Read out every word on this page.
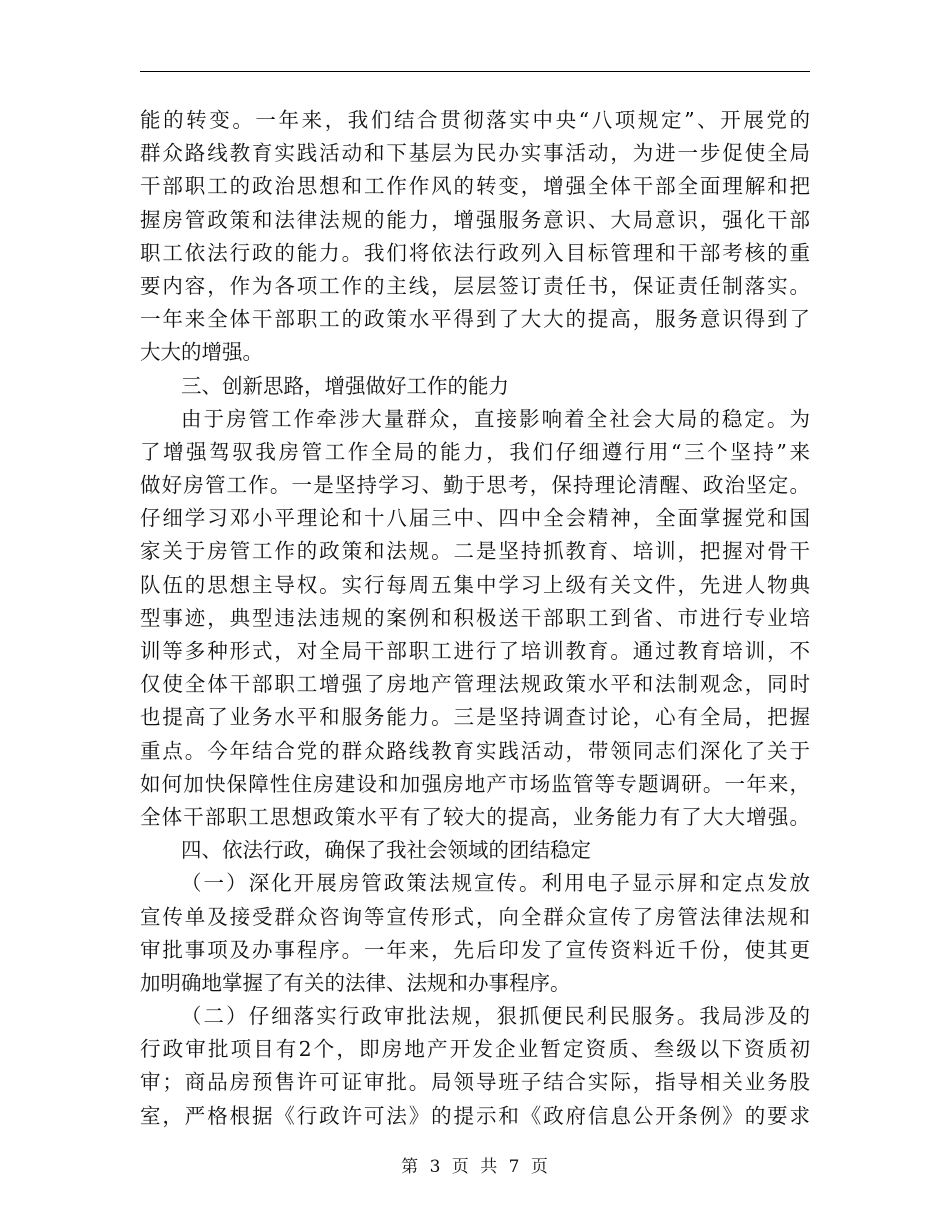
能的转变。一年来，我们结合贯彻落实中央“八项规定”、开展党的
群众路线教育实践活动和下基层为民办实事活动，为进一步促使全局
干部职工的政治思想和工作作风的转变，增强全体干部全面理解和把
握房管政策和法律法规的能力，增强服务意识、大局意识，强化干部
职工依法行政的能力。我们将依法行政列入目标管理和干部考核的重
要内容，作为各项工作的主线，层层签订责任书，保证责任制落实。
一年来全体干部职工的政策水平得到了大大的提高，服务意识得到了
大大的增强。
三、创新思路，增强做好工作的能力
由于房管工作牵涉大量群众，直接影响着全社会大局的稳定。为
了增强驾驭我房管工作全局的能力，我们仔细遵行用“三个坚持”来
做好房管工作。一是坚持学习、勤于思考，保持理论清醒、政治坚定。
仔细学习邓小平理论和十八届三中、四中全会精神，全面掌握党和国
家关于房管工作的政策和法规。二是坚持抓教育、培训，把握对骨干
队伍的思想主导权。实行每周五集中学习上级有关文件，先进人物典
型事迹，典型违法违规的案例和积极送干部职工到省、市进行专业培
训等多种形式，对全局干部职工进行了培训教育。通过教育培训，不
仅使全体干部职工增强了房地产管理法规政策水平和法制观念，同时
也提高了业务水平和服务能力。三是坚持调查讨论，心有全局，把握
重点。今年结合党的群众路线教育实践活动，带领同志们深化了关于
如何加快保障性住房建设和加强房地产市场监管等专题调研。一年来，
全体干部职工思想政策水平有了较大的提高，业务能力有了大大增强。
四、依法行政，确保了我社会领域的团结稳定
（一）深化开展房管政策法规宣传。利用电子显示屏和定点发放
宣传单及接受群众咨询等宣传形式，向全群众宣传了房管法律法规和
审批事项及办事程序。一年来，先后印发了宣传资料近千份，使其更
加明确地掌握了有关的法律、法规和办事程序。
（二）仔细落实行政审批法规，狠抓便民利民服务。我局涉及的
行政审批项目有2个，即房地产开发企业暂定资质、叁级以下资质初
审；商品房预售许可证审批。局领导班子结合实际，指导相关业务股
室，严格根据《行政许可法》的提示和《政府信息公开条例》的要求
第 3 页 共 7 页
